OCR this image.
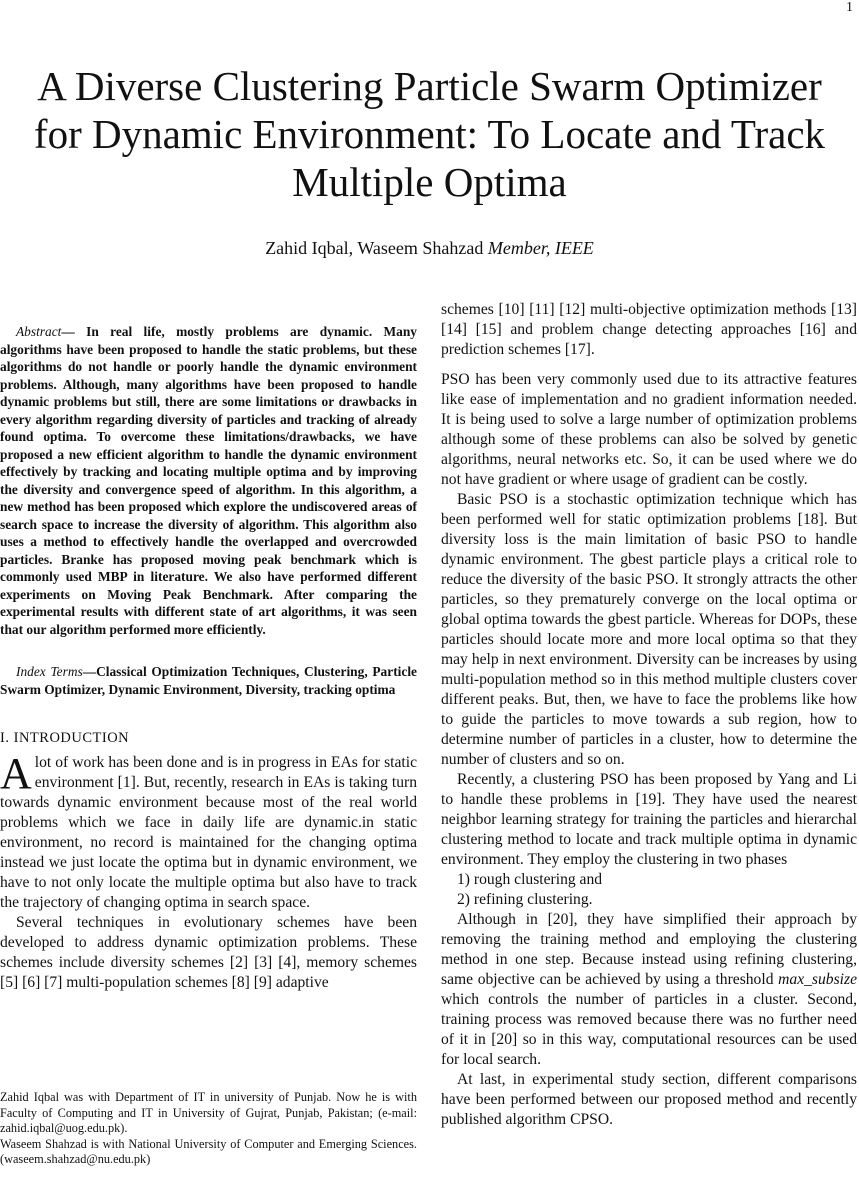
1
A Diverse Clustering Particle Swarm Optimizer for Dynamic Environment: To Locate and Track Multiple Optima
Zahid Iqbal, Waseem Shahzad Member, IEEE

Abstract— In real life, mostly problems are dynamic. Many algorithms have been proposed to handle the static problems, but these algorithms do not handle or poorly handle the dynamic environment problems. Although, many algorithms have been proposed to handle dynamic problems but still, there are some limitations or drawbacks in every algorithm regarding diversity of particles and tracking of already found optima. To overcome these limitations/drawbacks, we have proposed a new efficient algorithm to handle the dynamic environment effectively by tracking and locating multiple optima and by improving the diversity and convergence speed of algorithm. In this algorithm, a new method has been proposed which explore the undiscovered areas of search space to increase the diversity of algorithm. This algorithm also uses a method to effectively handle the overlapped and overcrowded particles. Branke has proposed moving peak benchmark which is commonly used MBP in literature. We also have performed different experiments on Moving Peak Benchmark. After comparing the experimental results with different state of art algorithms, it was seen that our algorithm performed more efficiently.

Index Terms—Classical Optimization Techniques, Clustering, Particle Swarm Optimizer, Dynamic Environment, Diversity, tracking optima

I. INTRODUCTION

Alot of work has been done and is in progress in EAs for static environment [1]. But, recently, research in EAs is taking turn towards dynamic environment because most of the real world problems which we face in daily life are dynamic.in static environment, no record is maintained for the changing optima instead we just locate the optima but in dynamic environment, we have to not only locate the multiple optima but also have to track the trajectory of changing optima in search space.

Several techniques in evolutionary schemes have been developed to address dynamic optimization problems. These schemes include diversity schemes [2] [3] [4], memory schemes [5] [6] [7] multi-population schemes [8] [9] adaptive

Zahid Iqbal was with Department of IT in university of Punjab. Now he is with Faculty of Computing and IT in University of Gujrat, Punjab, Pakistan; (e-mail: zahid.iqbal@uog.edu.pk).

Waseem Shahzad is with National University of Computer and Emerging Sciences. (waseem.shahzad@nu.edu.pk)

schemes [10] [11] [12] multi-objective optimization methods [13] [14] [15] and problem change detecting approaches [16] and prediction schemes [17].

PSO has been very commonly used due to its attractive features like ease of implementation and no gradient information needed. It is being used to solve a large number of optimization problems although some of these problems can also be solved by genetic algorithms, neural networks etc. So, it can be used where we do not have gradient or where usage of gradient can be costly.

Basic PSO is a stochastic optimization technique which has been performed well for static optimization problems [18]. But diversity loss is the main limitation of basic PSO to handle dynamic environment. The gbest particle plays a critical role to reduce the diversity of the basic PSO. It strongly attracts the other particles, so they prematurely converge on the local optima or global optima towards the gbest particle. Whereas for DOPs, these particles should locate more and more local optima so that they may help in next environment. Diversity can be increases by using multi-population method so in this method multiple clusters cover different peaks. But, then, we have to face the problems like how to guide the particles to move towards a sub region, how to determine number of particles in a cluster, how to determine the number of clusters and so on.

Recently, a clustering PSO has been proposed by Yang and Li to handle these problems in [19]. They have used the nearest neighbor learning strategy for training the particles and hierarchal clustering method to locate and track multiple optima in dynamic environment. They employ the clustering in two phases

1) rough clustering and

2) refining clustering.

Although in [20], they have simplified their approach by removing the training method and employing the clustering method in one step. Because instead using refining clustering, same objective can be achieved by using a threshold max_subsize which controls the number of particles in a cluster. Second, training process was removed because there was no further need of it in [20] so in this way, computational resources can be used for local search.

At last, in experimental study section, different comparisons have been performed between our proposed method and recently published algorithm CPSO.
